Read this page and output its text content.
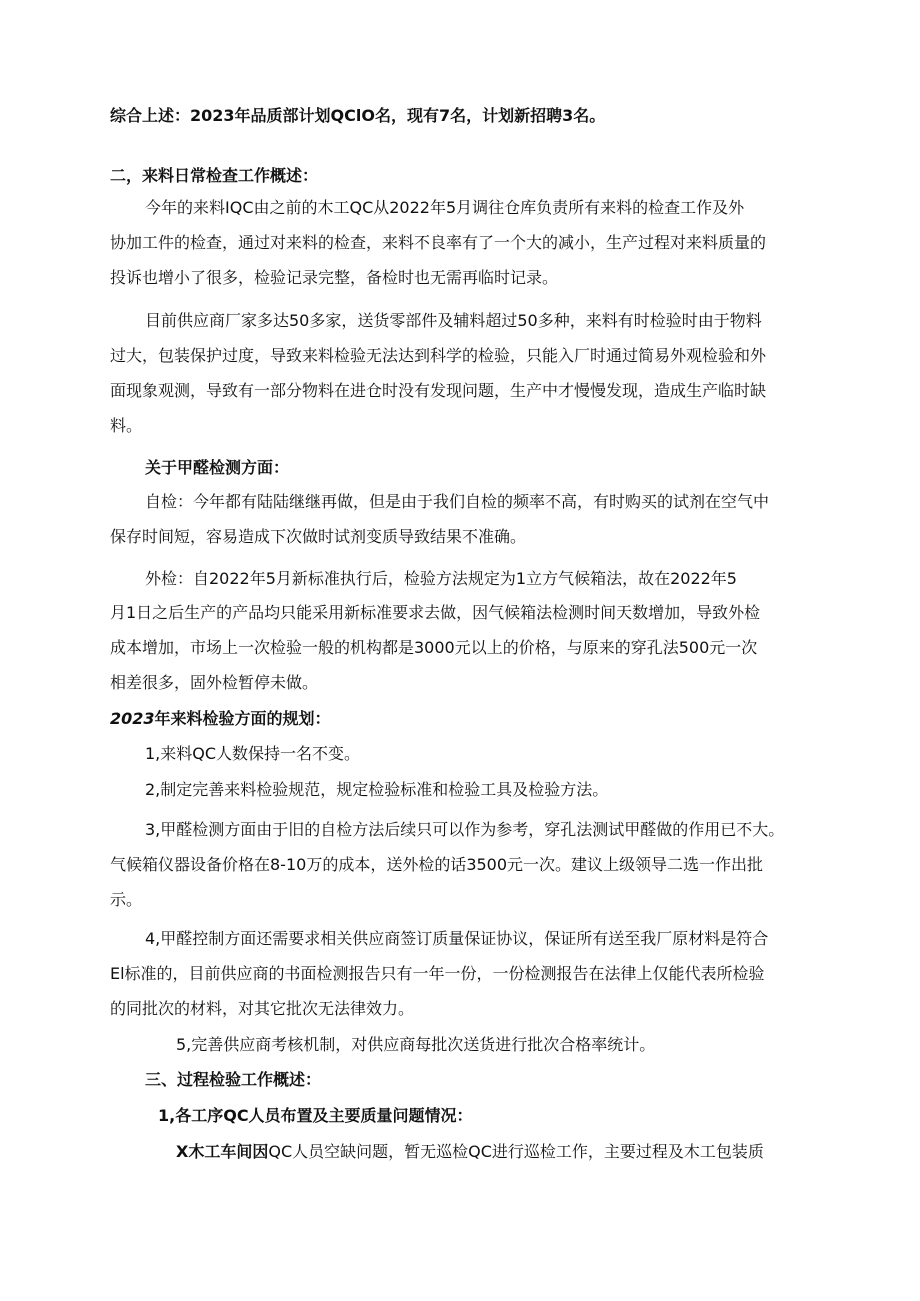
综合上述：2023年品质部计划QClO名，现有7名，计划新招聘3名。

二，来料日常检查工作概述：

今年的来料IQC由之前的木工QC从2022年5月调往仓库负责所有来料的检查工作及外

协加工件的检查，通过对来料的检查，来料不良率有了一个大的减小，生产过程对来料质量的

投诉也增小了很多，检验记录完整，备检时也无需再临时记录。

目前供应商厂家多达50多家，送货零部件及辅料超过50多种，来料有时检验时由于物料

过大，包装保护过度，导致来料检验无法达到科学的检验，只能入厂时通过简易外观检验和外

面现象观测，导致有一部分物料在进仓时没有发现问题，生产中才慢慢发现，造成生产临时缺

料。

关于甲醛检测方面：

自检：今年都有陆陆继继再做，但是由于我们自检的频率不高，有时购买的试剂在空气中

保存时间短，容易造成下次做时试剂变质导致结果不准确。

外检：自2022年5月新标准执行后，检验方法规定为1立方气候箱法，故在2022年5

月1日之后生产的产品均只能采用新标准要求去做，因气候箱法检测时间天数增加，导致外检

成本增加，市场上一次检验一般的机构都是3000元以上的价格，与原来的穿孔法500元一次

相差很多，固外检暂停未做。

2023年来料检验方面的规划：

1,来料QC人数保持一名不变。

2,制定完善来料检验规范，规定检验标准和检验工具及检验方法。

3,甲醛检测方面由于旧的自检方法后续只可以作为参考，穿孔法测试甲醛做的作用已不大。

气候箱仪器设备价格在8-10万的成本，送外检的话3500元一次。建议上级领导二选一作出批

示。

4,甲醛控制方面还需要求相关供应商签订质量保证协议，保证所有送至我厂原材料是符合

El标准的，目前供应商的书面检测报告只有一年一份，一份检测报告在法律上仅能代表所检验

的同批次的材料，对其它批次无法律效力。

5,完善供应商考核机制，对供应商每批次送货进行批次合格率统计。

三、过程检验工作概述：

1,各工序QC人员布置及主要质量问题情况：

X木工车间因QC人员空缺问题，暂无巡检QC进行巡检工作，主要过程及木工包装质
